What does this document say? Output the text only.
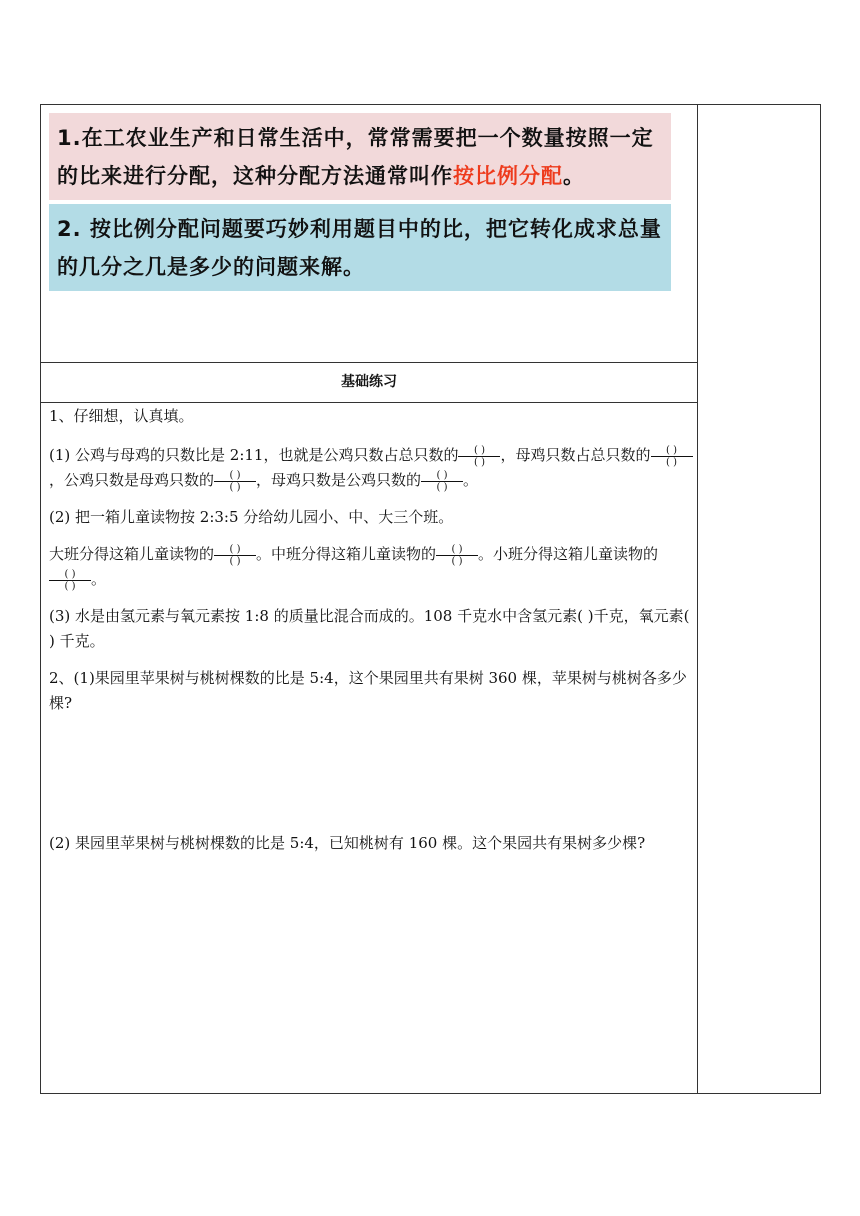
1.在工农业生产和日常生活中，常常需要把一个数量按照一定的比来进行分配，这种分配方法通常叫作按比例分配。
2. 按比例分配问题要巧妙利用题目中的比，把它转化成求总量的几分之几是多少的问题来解。
基础练习

1、仔细想，认真填。

(1) 公鸡与母鸡的只数比是 2:11，也就是公鸡只数占总只数的 $\frac{( )}{( )}$ ，母鸡只数占总只数的 $\frac{( )}{( )}$
，公鸡只数是母鸡只数的 $\frac{( )}{( )}$ ，母鸡只数是公鸡只数的 $\frac{( )}{( )}$ 。

(2) 把一箱儿童读物按 2:3:5 分给幼儿园小、中、大三个班。

大班分得这箱儿童读物的 $\frac{( )}{( )}$ 。中班分得这箱儿童读物的 $\frac{( )}{( )}$ 。小班分得这箱儿童读物的
$\frac{( )}{( )}$ 。

(3) 水是由氢元素与氧元素按 1:8 的质量比混合而成的。108 千克水中含氢元素( )千克，氧元素( ) 千克。

2、(1)果园里苹果树与桃树棵数的比是 5:4，这个果园里共有果树 360 棵，苹果树与桃树各多少棵?

(2) 果园里苹果树与桃树棵数的比是 5:4，已知桃树有 160 棵。这个果园共有果树多少棵?
